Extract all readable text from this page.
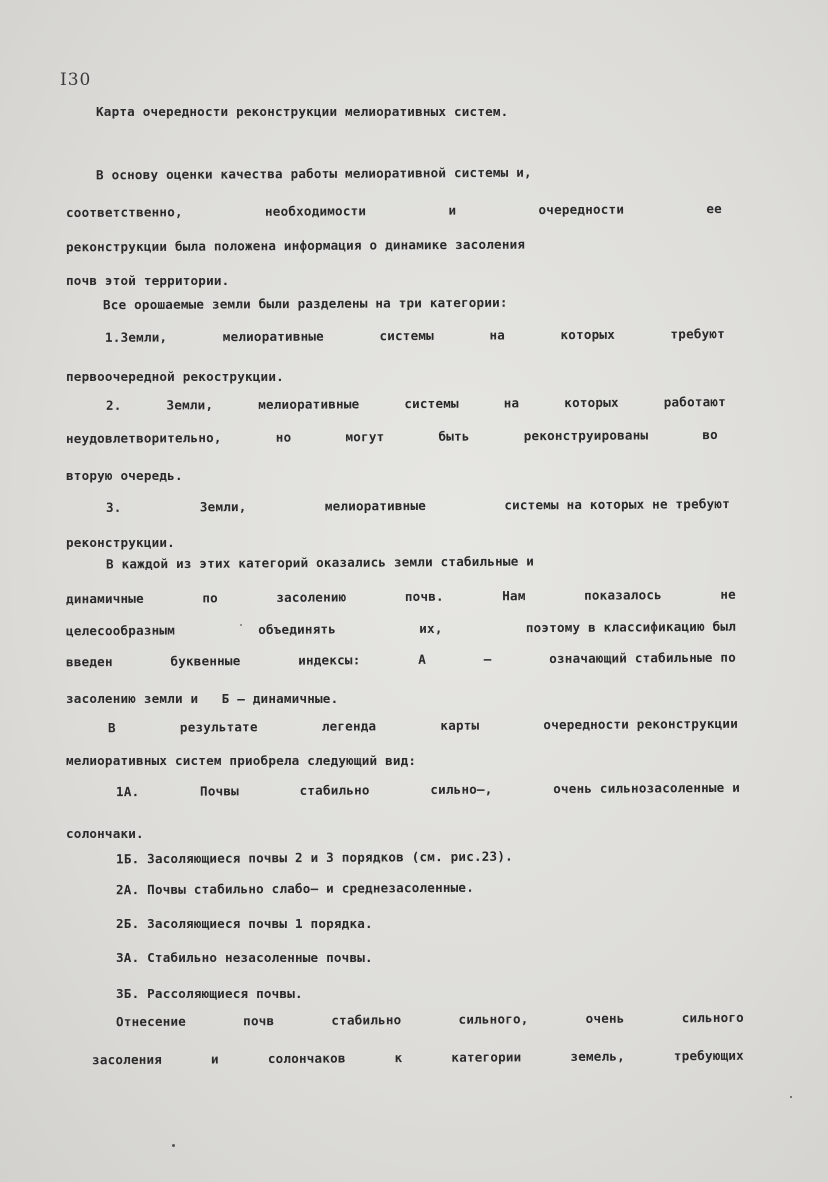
I30
Карта очередности реконструкции мелиоративных систем.
В основу оценки качества работы мелиоративной системы и,
соответственно,	необходимости	и	очередности	ее
реконструкции была положена информация о динамике засоления
почв этой территории.
Все орошаемые земли были разделены на три категории:
1.Земли,	мелиоративные	системы	на	которых	требуют
первоочередной рекострукции.
2.	Земли,	мелиоративные	системы	на	которых	работают
неудовлетворительно,	но	могут	быть	реконструированы	во
вторую очередь.
3.	Земли,	мелиоративные	системы на которых не требуют
реконструкции.
В каждой из этих категорий оказались земли стабильные и
динамичные	по	засолению	почв.	Нам	показалось	не
целесообразным	объединять	их,	поэтому в классификацию был
введен	буквенные	индексы:	А	–	означающий стабильные по
засолению земли и   Б – динамичные.
В	результате	легенда	карты	очередности реконструкции
мелиоративных систем приобрела следующий вид:
1А.	Почвы	стабильно	сильно–,	очень сильнозасоленные и
солончаки.
1Б. Засоляющиеся почвы 2 и 3 порядков (см. рис.23).
2А. Почвы стабильно слабо– и среднезасоленные.
2Б. Засоляющиеся почвы 1 порядка.
3А. Стабильно незасоленные почвы.
3Б. Рассоляющиеся почвы.
Отнесение	почв	стабильно	сильного,	очень	сильного
засоления	и	солончаков	к	категории	земель,	требующих
